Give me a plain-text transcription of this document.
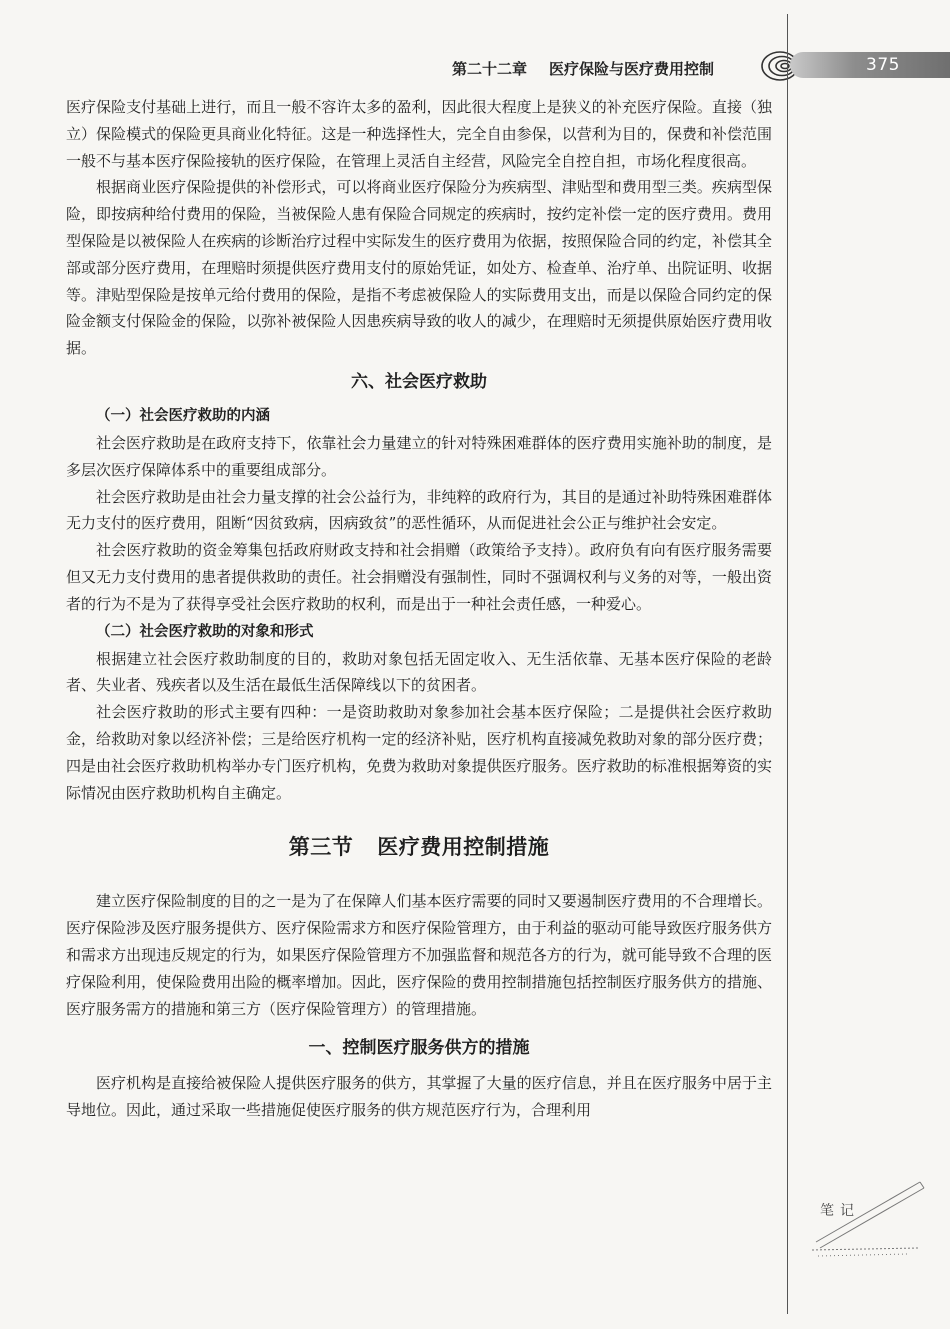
第二十二章 医疗保险与医疗费用控制	375

医疗保险支付基础上进行，而且一般不容许太多的盈利，因此很大程度上是狭义的补充医疗保险。直接（独立）保险模式的保险更具商业化特征。这是一种选择性大，完全自由参保，以营利为目的，保费和补偿范围一般不与基本医疗保险接轨的医疗保险，在管理上灵活自主经营，风险完全自控自担，市场化程度很高。

根据商业医疗保险提供的补偿形式，可以将商业医疗保险分为疾病型、津贴型和费用型三类。疾病型保险，即按病种给付费用的保险，当被保险人患有保险合同规定的疾病时，按约定补偿一定的医疗费用。费用型保险是以被保险人在疾病的诊断治疗过程中实际发生的医疗费用为依据，按照保险合同的约定，补偿其全部或部分医疗费用，在理赔时须提供医疗费用支付的原始凭证，如处方、检查单、治疗单、出院证明、收据等。津贴型保险是按单元给付费用的保险，是指不考虑被保险人的实际费用支出，而是以保险合同约定的保险金额支付保险金的保险，以弥补被保险人因患疾病导致的收人的减少，在理赔时无须提供原始医疗费用收据。

六、社会医疗救助
（一）社会医疗救助的内涵

社会医疗救助是在政府支持下，依靠社会力量建立的针对特殊困难群体的医疗费用实施补助的制度，是多层次医疗保障体系中的重要组成部分。

社会医疗救助是由社会力量支撑的社会公益行为，非纯粹的政府行为，其目的是通过补助特殊困难群体无力支付的医疗费用，阻断“因贫致病，因病致贫”的恶性循环，从而促进社会公正与维护社会安定。

社会医疗救助的资金筹集包括政府财政支持和社会捐赠（政策给予支持）。政府负有向有医疗服务需要但又无力支付费用的患者提供救助的责任。社会捐赠没有强制性，同时不强调权利与义务的对等，一般出资者的行为不是为了获得享受社会医疗救助的权利，而是出于一种社会责任感，一种爱心。

（二）社会医疗救助的对象和形式

根据建立社会医疗救助制度的目的，救助对象包括无固定收入、无生活依靠、无基本医疗保险的老龄者、失业者、残疾者以及生活在最低生活保障线以下的贫困者。

社会医疗救助的形式主要有四种：一是资助救助对象参加社会基本医疗保险；二是提供社会医疗救助金，给救助对象以经济补偿；三是给医疗机构一定的经济补贴，医疗机构直接减免救助对象的部分医疗费；四是由社会医疗救助机构举办专门医疗机构，免费为救助对象提供医疗服务。医疗救助的标准根据筹资的实际情况由医疗救助机构自主确定。

第三节 医疗费用控制措施

建立医疗保险制度的目的之一是为了在保障人们基本医疗需要的同时又要遏制医疗费用的不合理增长。医疗保险涉及医疗服务提供方、医疗保险需求方和医疗保险管理方，由于利益的驱动可能导致医疗服务供方和需求方出现违反规定的行为，如果医疗保险管理方不加强监督和规范各方的行为，就可能导致不合理的医疗保险利用，使保险费用出险的概率增加。因此，医疗保险的费用控制措施包括控制医疗服务供方的措施、医疗服务需方的措施和第三方（医疗保险管理方）的管理措施。

一、控制医疗服务供方的措施

医疗机构是直接给被保险人提供医疗服务的供方，其掌握了大量的医疗信息，并且在医疗服务中居于主导地位。因此，通过采取一些措施促使医疗服务的供方规范医疗行为，合理利用

笔记
